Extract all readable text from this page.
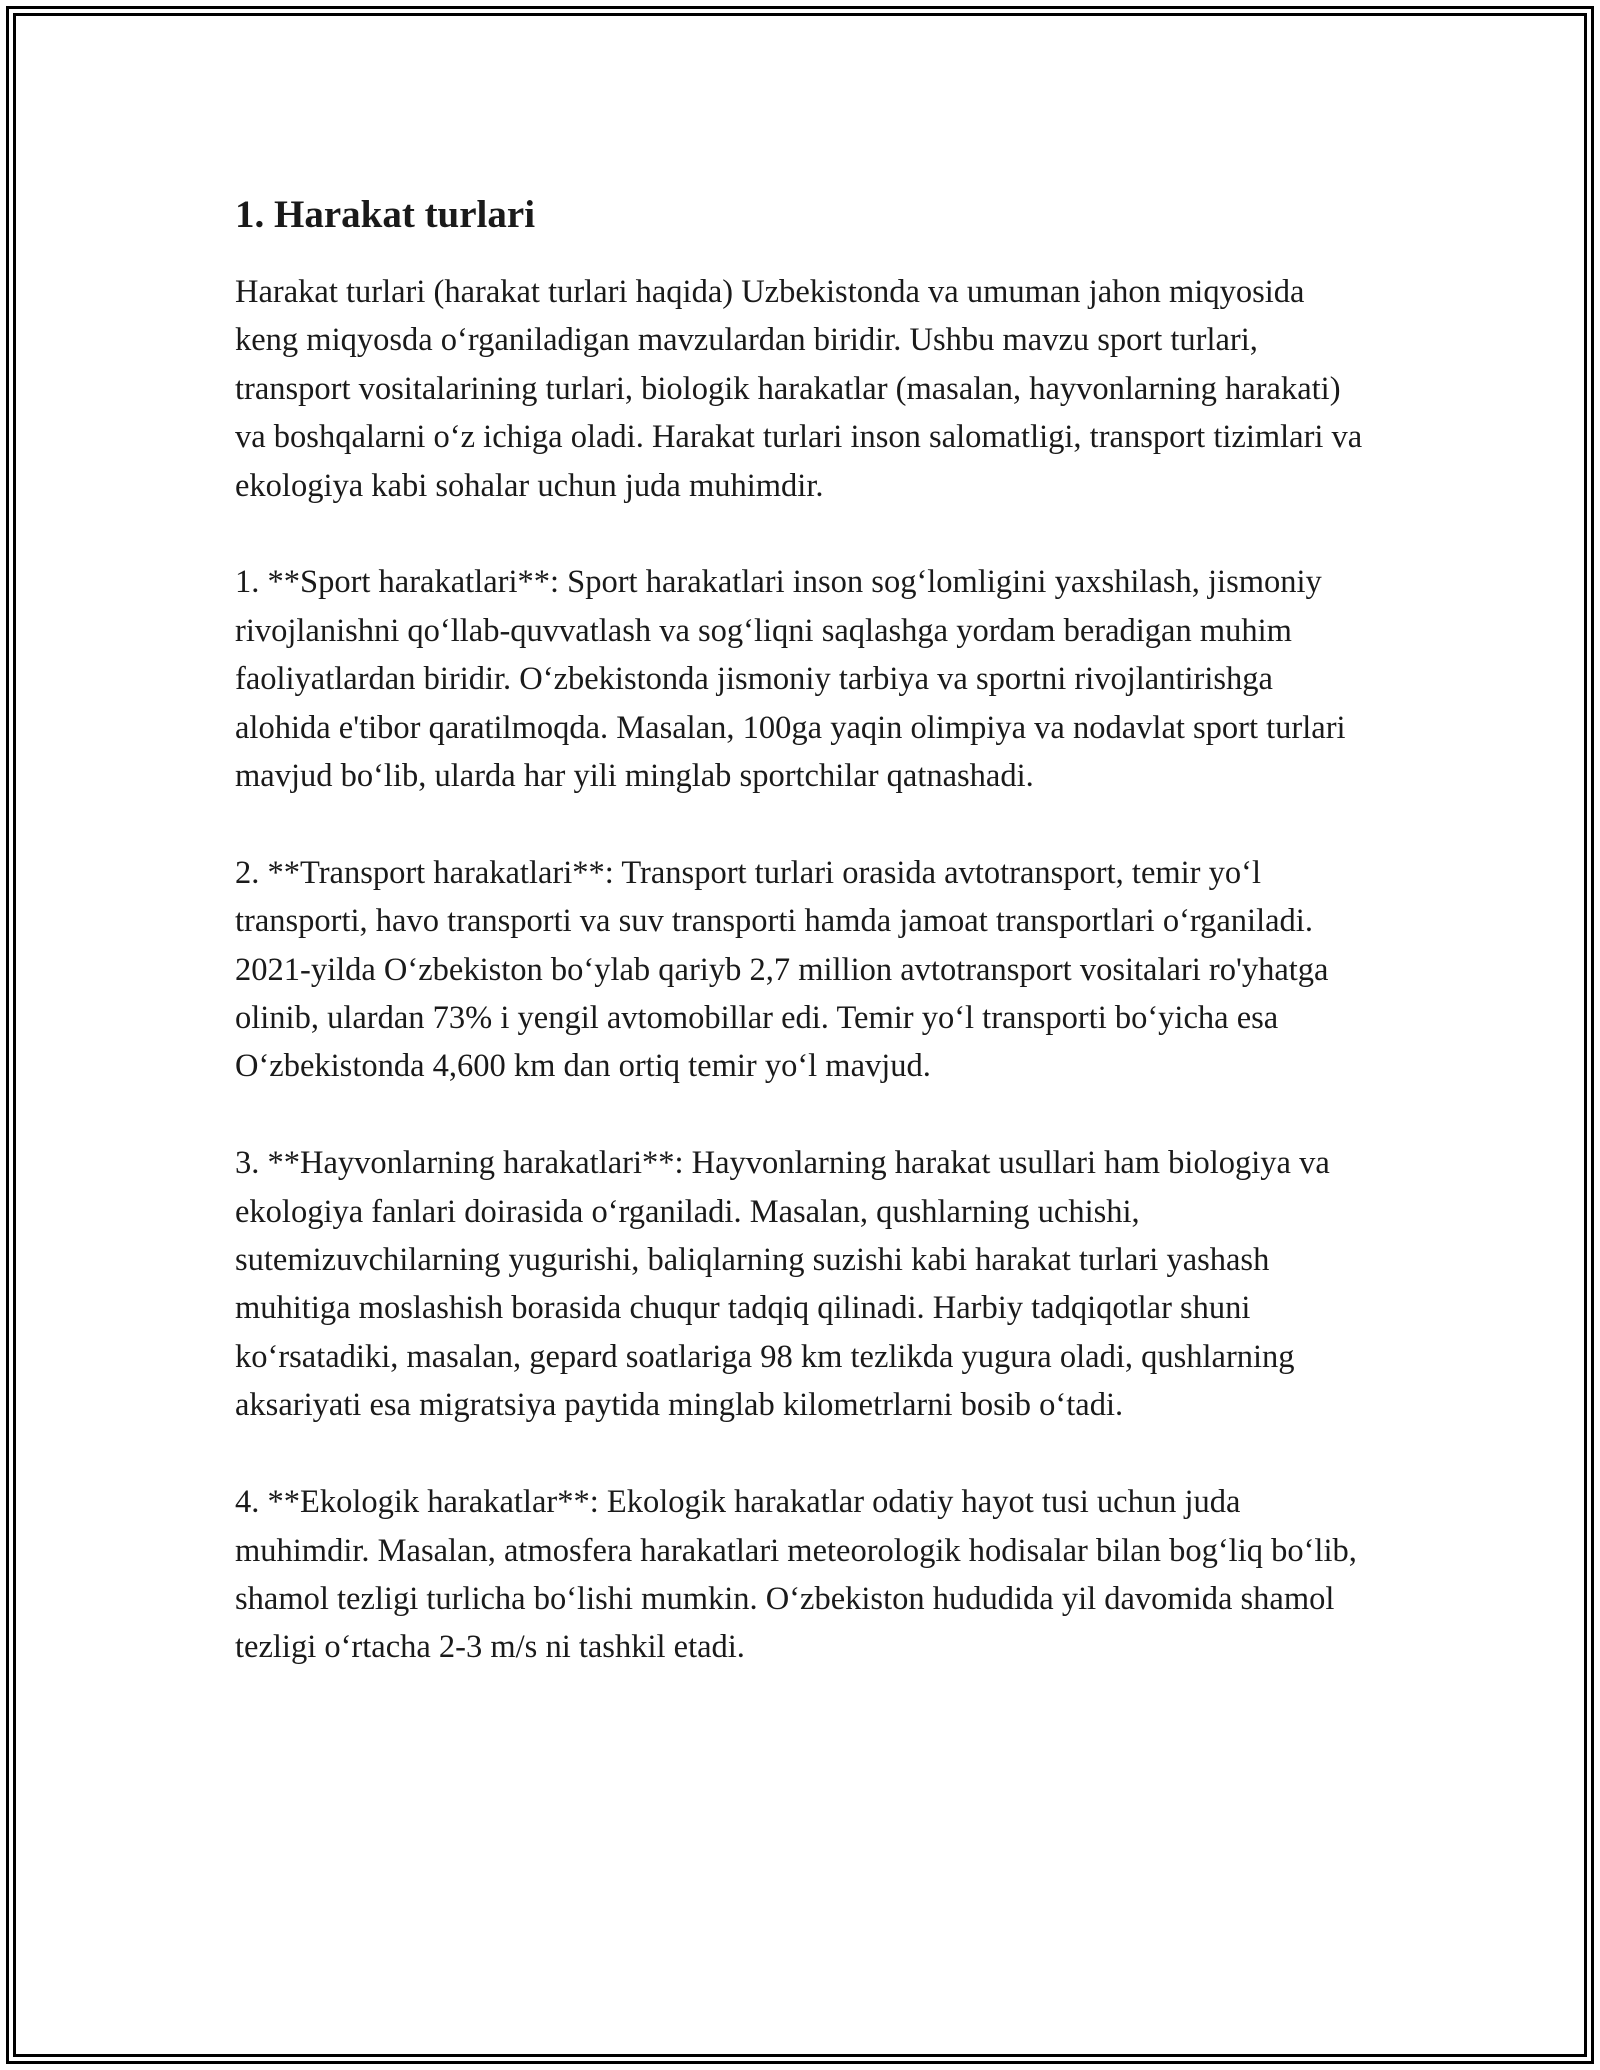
1. Harakat turlari

Harakat turlari (harakat turlari haqida) Uzbekistonda va umuman jahon miqyosida keng miqyosda o‘rganiladigan mavzulardan biridir. Ushbu mavzu sport turlari, transport vositalarining turlari, biologik harakatlar (masalan, hayvonlarning harakati) va boshqalarni o‘z ichiga oladi. Harakat turlari inson salomatligi, transport tizimlari va ekologiya kabi sohalar uchun juda muhimdir.

1. **Sport harakatlari**: Sport harakatlari inson sog‘lomligini yaxshilash, jismoniy rivojlanishni qo‘llab-quvvatlash va sog‘liqni saqlashga yordam beradigan muhim faoliyatlardan biridir. O‘zbekistonda jismoniy tarbiya va sportni rivojlantirishga alohida e'tibor qaratilmoqda. Masalan, 100ga yaqin olimpiya va nodavlat sport turlari mavjud bo‘lib, ularda har yili minglab sportchilar qatnashadi.

2. **Transport harakatlari**: Transport turlari orasida avtotransport, temir yo‘l transporti, havo transporti va suv transporti hamda jamoat transportlari o‘rganiladi. 2021-yilda O‘zbekiston bo‘ylab qariyb 2,7 million avtotransport vositalari ro'yhatga olinib, ulardan 73% i yengil avtomobillar edi. Temir yo‘l transporti bo‘yicha esa O‘zbekistonda 4,600 km dan ortiq temir yo‘l mavjud.

3. **Hayvonlarning harakatlari**: Hayvonlarning harakat usullari ham biologiya va ekologiya fanlari doirasida o‘rganiladi. Masalan, qushlarning uchishi, sutemizuvchilarning yugurishi, baliqlarning suzishi kabi harakat turlari yashash muhitiga moslashish borasida chuqur tadqiq qilinadi. Harbiy tadqiqotlar shuni ko‘rsatadiki, masalan, gepard soatlariga 98 km tezlikda yugura oladi, qushlarning aksariyati esa migratsiya paytida minglab kilometrlarni bosib o‘tadi.

4. **Ekologik harakatlar**: Ekologik harakatlar odatiy hayot tusi uchun juda muhimdir. Masalan, atmosfera harakatlari meteorologik hodisalar bilan bog‘liq bo‘lib, shamol tezligi turlicha bo‘lishi mumkin. O‘zbekiston hududida yil davomida shamol tezligi o‘rtacha 2-3 m/s ni tashkil etadi.
